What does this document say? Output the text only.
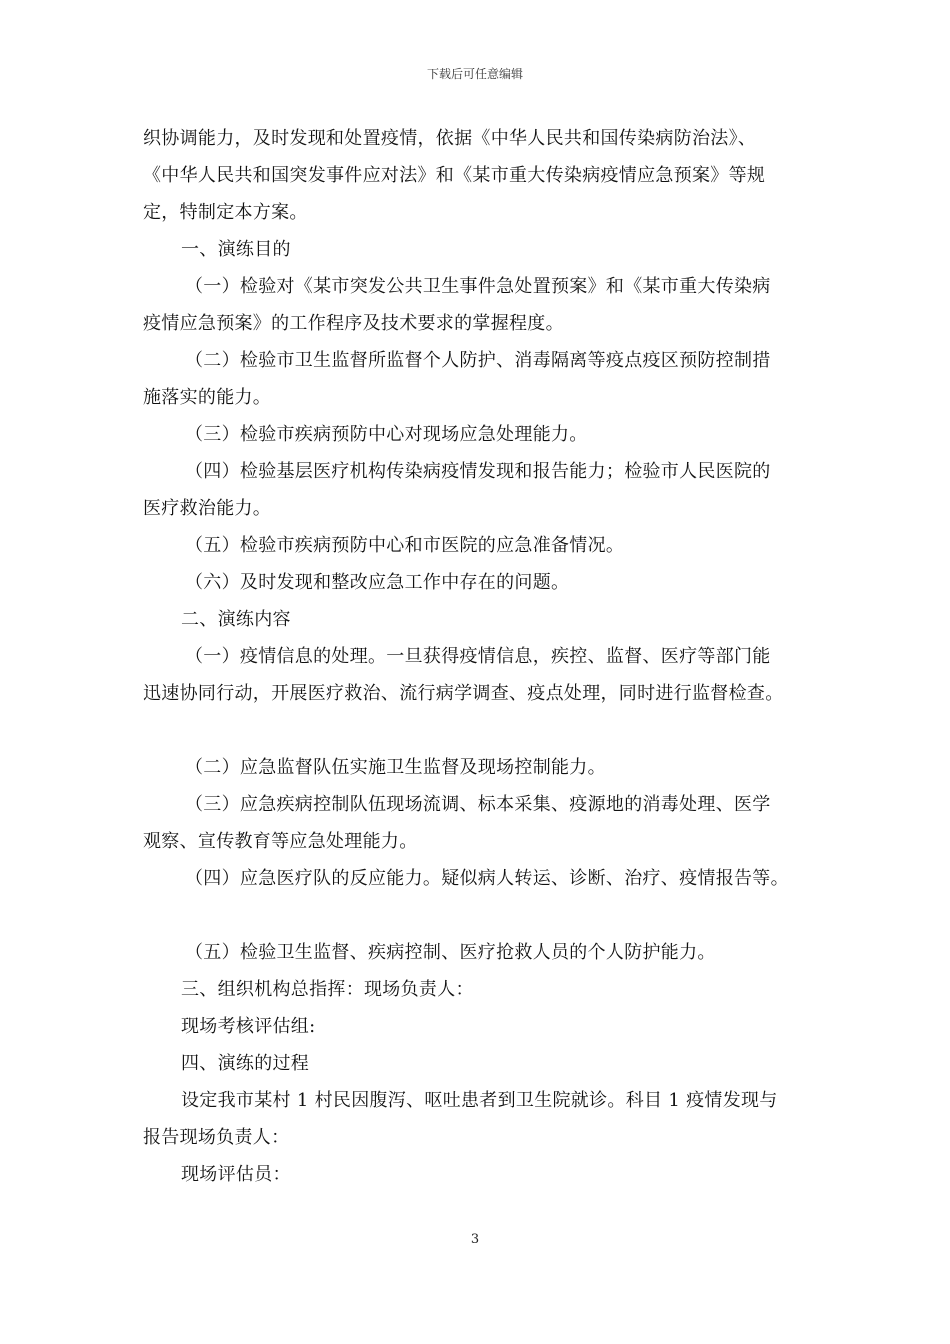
下载后可任意编辑

织协调能力，及时发现和处置疫情，依据《中华人民共和国传染病防治法》、

《中华人民共和国突发事件应对法》和《某市重大传染病疫情应急预案》等规

定，特制定本方案。

一、演练目的

（一）检验对《某市突发公共卫生事件急处置预案》和《某市重大传染病

疫情应急预案》的工作程序及技术要求的掌握程度。

（二）检验市卫生监督所监督个人防护、消毒隔离等疫点疫区预防控制措

施落实的能力。

（三）检验市疾病预防中心对现场应急处理能力。

（四）检验基层医疗机构传染病疫情发现和报告能力；检验市人民医院的

医疗救治能力。

（五）检验市疾病预防中心和市医院的应急准备情况。

（六）及时发现和整改应急工作中存在的问题。

二、演练内容

（一）疫情信息的处理。一旦获得疫情信息，疾控、监督、医疗等部门能

迅速协同行动，开展医疗救治、流行病学调查、疫点处理，同时进行监督检查。

（二）应急监督队伍实施卫生监督及现场控制能力。

（三）应急疾病控制队伍现场流调、标本采集、疫源地的消毒处理、医学

观察、宣传教育等应急处理能力。

（四）应急医疗队的反应能力。疑似病人转运、诊断、治疗、疫情报告等。

（五）检验卫生监督、疾病控制、医疗抢救人员的个人防护能力。

三、组织机构总指挥：现场负责人：

现场考核评估组:

四、演练的过程

设定我市某村 1 村民因腹泻、呕吐患者到卫生院就诊。科目 1 疫情发现与

报告现场负责人：

现场评估员：

3
